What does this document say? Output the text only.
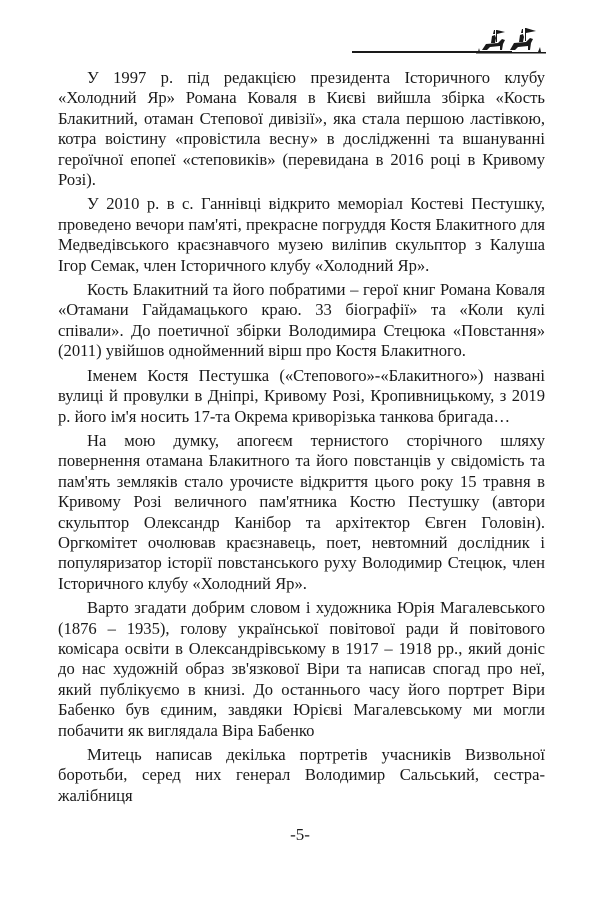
У 1997 р. під редакцією президента Історичного клубу «Холодний Яр» Романа Коваля в Києві вийшла збірка «Кость Блакитний, отаман Степової дивізії», яка стала першою ластівкою, котра воістину «провістила весну» в дослідженні та вшануванні героїчної епопеї «степовиків» (перевидана в 2016 році в Кривому Розі).

У 2010 р. в с. Ганнівці відкрито меморіал Костеві Пестушку, проведено вечори пам'яті, прекрасне погруддя Костя Блакитного для Медведівського краєзнавчого музею виліпив скульптор з Калуша Ігор Семак, член Історичного клубу «Холодний Яр».

Кость Блакитний та його побратими – герої книг Романа Коваля «Отамани Гайдамацького краю. 33 біографії» та «Коли кулі співали». До поетичної збірки Володимира Стецюка «Повстання» (2011) увійшов однойменний вірш про Костя Блакитного.

Іменем Костя Пестушка («Степового»-«Блакитного») названі вулиці й провулки в Дніпрі, Кривому Розі, Кропивницькому, з 2019 р. його ім'я носить 17-та Окрема криворізька танкова бригада…

На мою думку, апогеєм тернистого сторічного шляху повернення отамана Блакитного та його повстанців у свідомість та пам'ять земляків стало урочисте відкриття цього року 15 травня в Кривому Розі величного пам'ятника Костю Пестушку (автори скульптор Олександр Канібор та архітектор Євген Головін). Оргкомітет очолював краєзнавець, поет, невтомний дослідник і популяризатор історії повстанського руху Володимир Стецюк, член Історичного клубу «Холодний Яр».

Варто згадати добрим словом і художника Юрія Магалевського (1876 – 1935), голову української повітової ради й повітового комісара освіти в Олександрівському в 1917 – 1918 рр., який доніс до нас художній образ зв'язкової Віри та написав спогад про неї, який публікуємо в книзі. До останнього часу його портрет Віри Бабенко був єдиним, завдяки Юрієві Магалевському ми могли побачити як виглядала Віра Бабенко

Митець написав декілька портретів учасників Визвольної боротьби, серед них генерал Володимир Сальський, сестра-жалібниця

-5-
